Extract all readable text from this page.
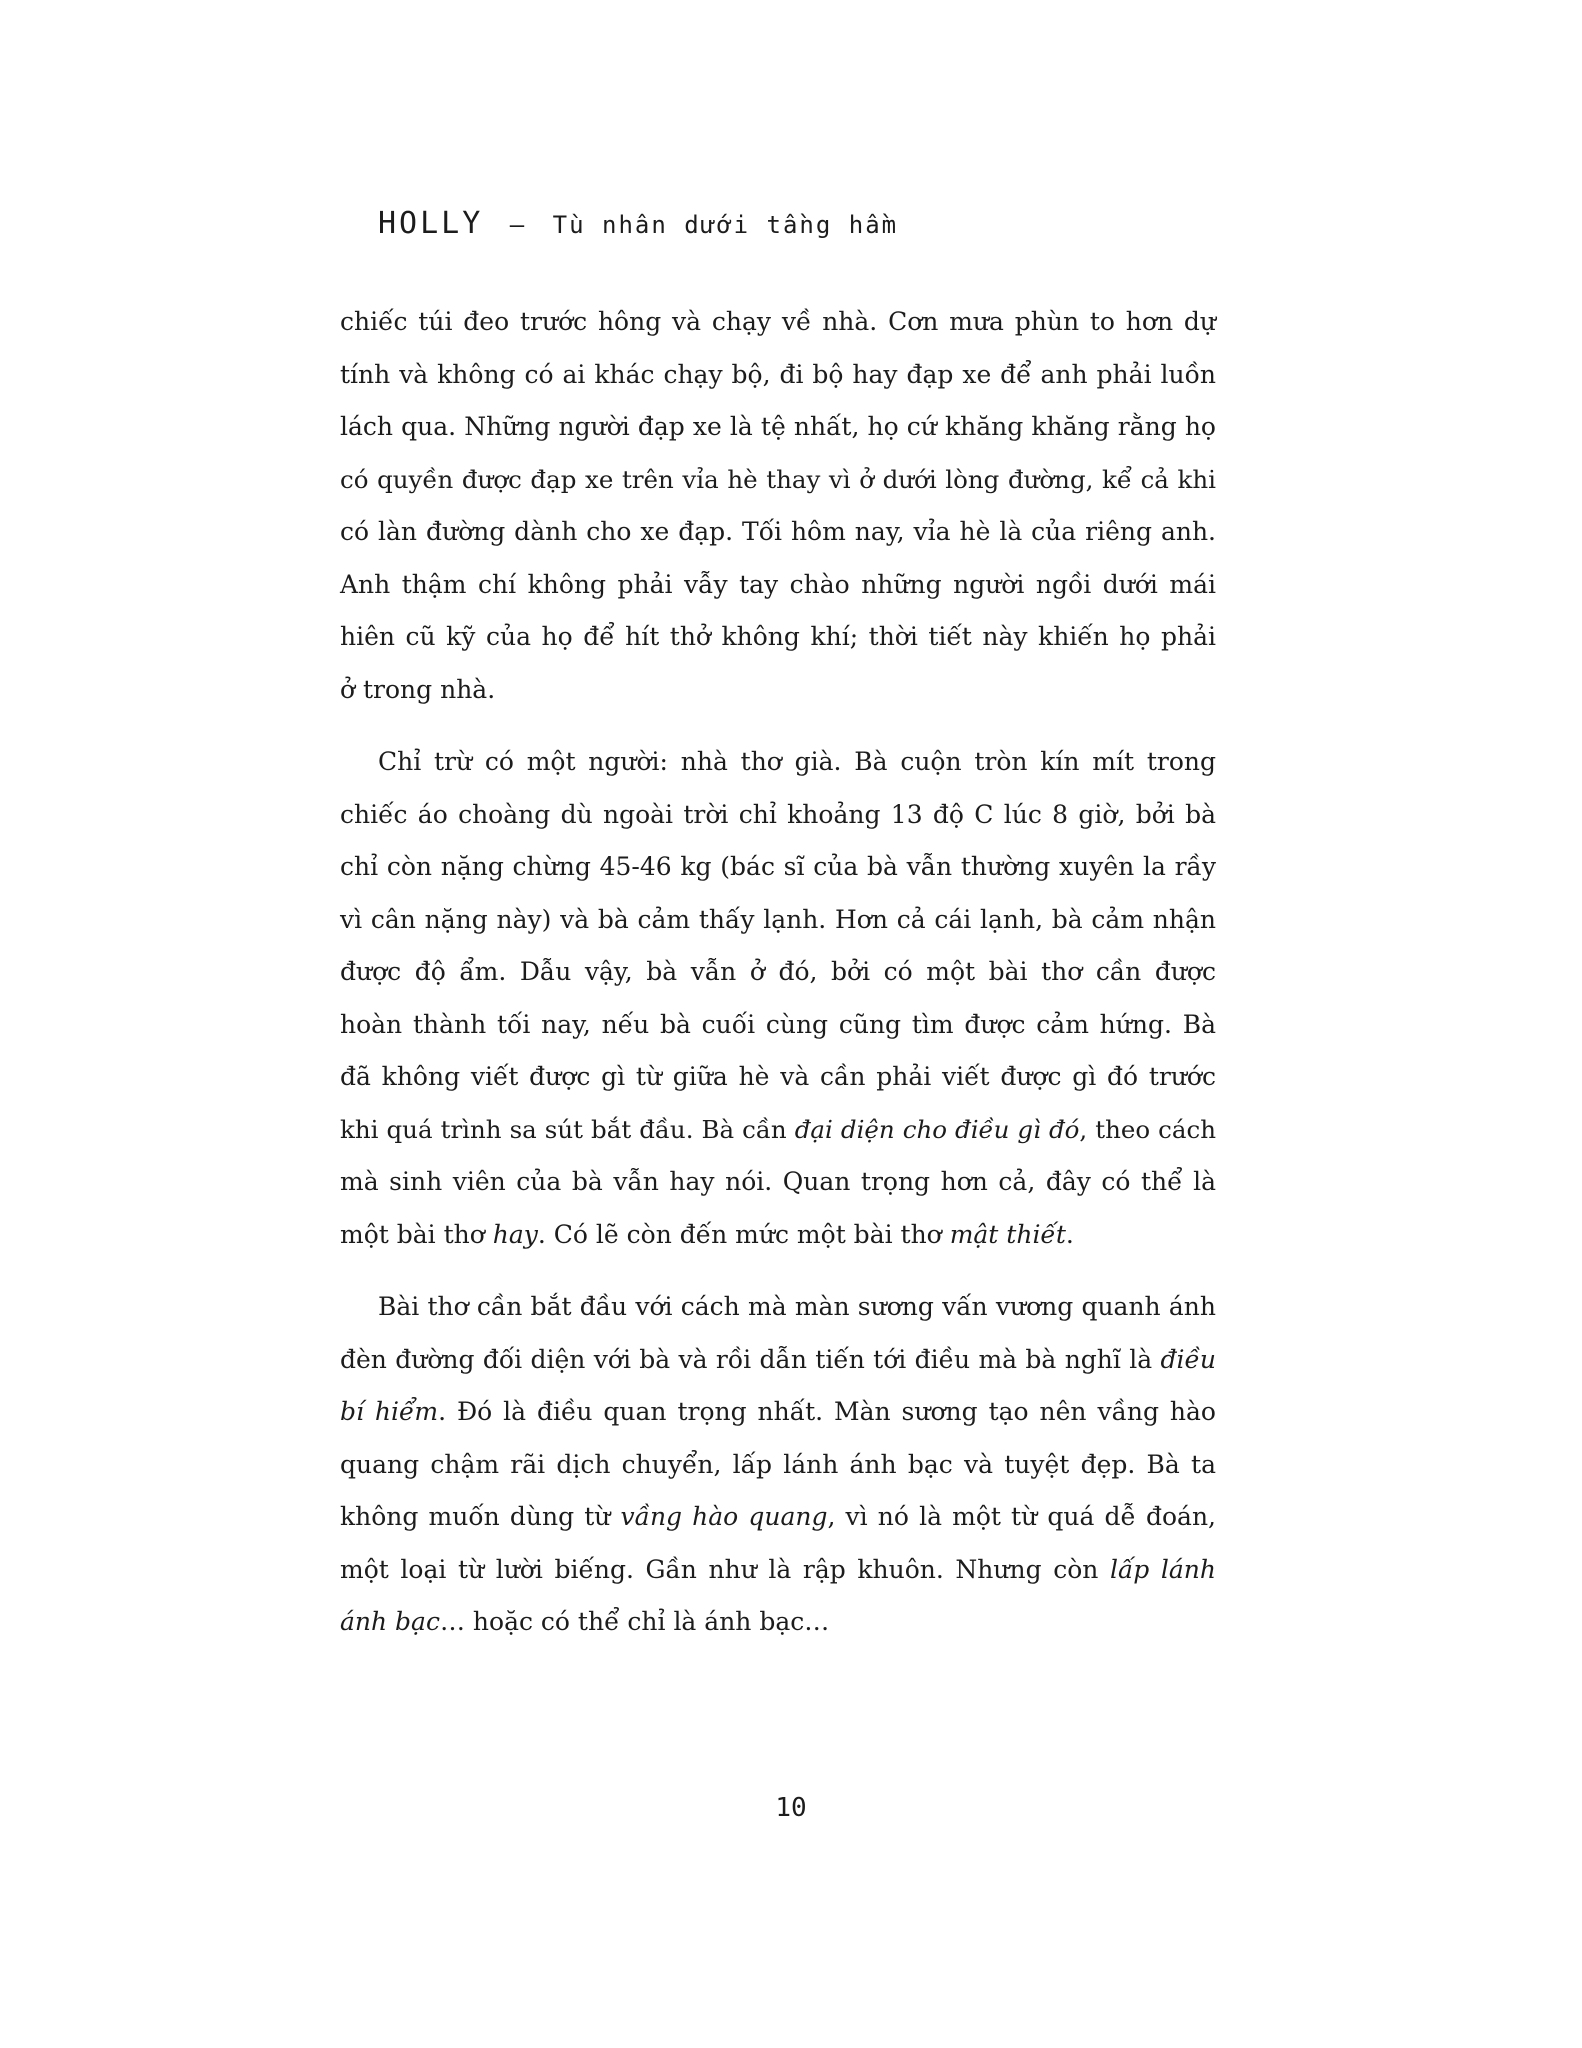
HOLLY – Tù nhân dưới tầng hầm
chiếc túi đeo trước hông và chạy về nhà. Cơn mưa phùn to hơn dự
tính và không có ai khác chạy bộ, đi bộ hay đạp xe để anh phải luồn
lách qua. Những người đạp xe là tệ nhất, họ cứ khăng khăng rằng họ
có quyền được đạp xe trên vỉa hè thay vì ở dưới lòng đường, kể cả khi
có làn đường dành cho xe đạp. Tối hôm nay, vỉa hè là của riêng anh.
Anh thậm chí không phải vẫy tay chào những người ngồi dưới mái
hiên cũ kỹ của họ để hít thở không khí; thời tiết này khiến họ phải
ở trong nhà.
Chỉ trừ có một người: nhà thơ già. Bà cuộn tròn kín mít trong
chiếc áo choàng dù ngoài trời chỉ khoảng 13 độ C lúc 8 giờ, bởi bà
chỉ còn nặng chừng 45-46 kg (bác sĩ của bà vẫn thường xuyên la rầy
vì cân nặng này) và bà cảm thấy lạnh. Hơn cả cái lạnh, bà cảm nhận
được độ ẩm. Dẫu vậy, bà vẫn ở đó, bởi có một bài thơ cần được
hoàn thành tối nay, nếu bà cuối cùng cũng tìm được cảm hứng. Bà
đã không viết được gì từ giữa hè và cần phải viết được gì đó trước
khi quá trình sa sút bắt đầu. Bà cần đại diện cho điều gì đó, theo cách
mà sinh viên của bà vẫn hay nói. Quan trọng hơn cả, đây có thể là
một bài thơ hay. Có lẽ còn đến mức một bài thơ mật thiết.
Bài thơ cần bắt đầu với cách mà màn sương vấn vương quanh ánh
đèn đường đối diện với bà và rồi dẫn tiến tới điều mà bà nghĩ là điều
bí hiểm. Đó là điều quan trọng nhất. Màn sương tạo nên vầng hào
quang chậm rãi dịch chuyển, lấp lánh ánh bạc và tuyệt đẹp. Bà ta
không muốn dùng từ vầng hào quang, vì nó là một từ quá dễ đoán,
một loại từ lười biếng. Gần như là rập khuôn. Nhưng còn lấp lánh
ánh bạc… hoặc có thể chỉ là ánh bạc…
10
